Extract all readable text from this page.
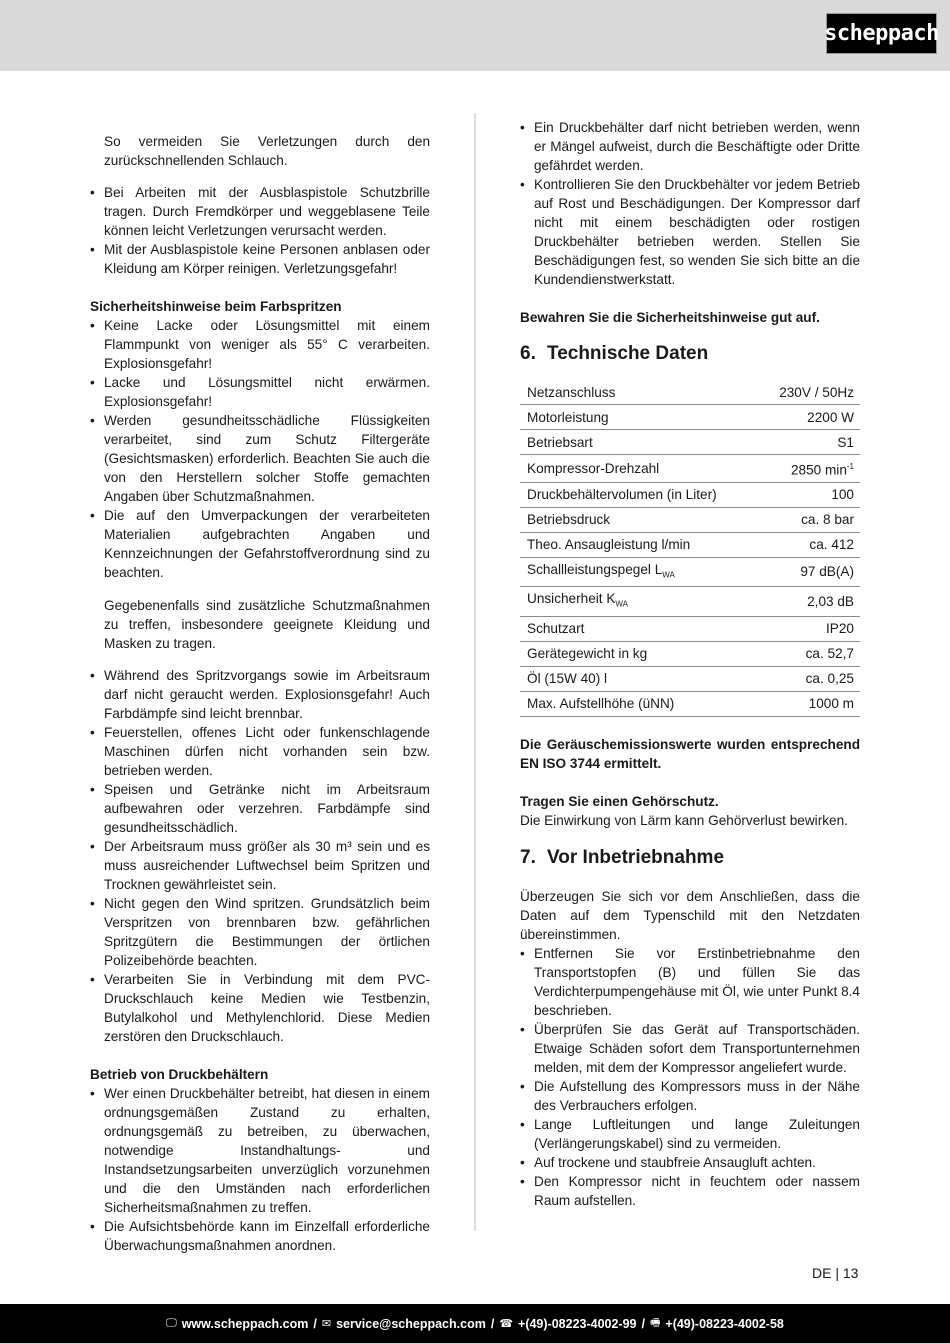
scheppach

So vermeiden Sie Verletzungen durch den zurückschnellenden Schlauch.

• Bei Arbeiten mit der Ausblaspistole Schutzbrille tragen. Durch Fremdkörper und weggeblasene Teile können leicht Verletzungen verursacht werden.
• Mit der Ausblaspistole keine Personen anblasen oder Kleidung am Körper reinigen. Verletzungsgefahr!

Sicherheitshinweise beim Farbspritzen

• Keine Lacke oder Lösungsmittel mit einem Flammpunkt von weniger als 55° C verarbeiten. Explosionsgefahr!
• Lacke und Lösungsmittel nicht erwärmen. Explosionsgefahr!
• Werden gesundheitsschädliche Flüssigkeiten verarbeitet, sind zum Schutz Filtergeräte (Gesichtsmasken) erforderlich. Beachten Sie auch die von den Herstellern solcher Stoffe gemachten Angaben über Schutzmaßnahmen.
• Die auf den Umverpackungen der verarbeiteten Materialien aufgebrachten Angaben und Kennzeichnungen der Gefahrstoffverordnung sind zu beachten.

Gegebenenfalls sind zusätzliche Schutzmaßnahmen zu treffen, insbesondere geeignete Kleidung und Masken zu tragen.

• Während des Spritzvorgangs sowie im Arbeitsraum darf nicht geraucht werden. Explosionsgefahr! Auch Farbdämpfe sind leicht brennbar.
• Feuerstellen, offenes Licht oder funkenschlagende Maschinen dürfen nicht vorhanden sein bzw. betrieben werden.
• Speisen und Getränke nicht im Arbeitsraum aufbewahren oder verzehren. Farbdämpfe sind gesundheitsschädlich.
• Der Arbeitsraum muss größer als 30 m³ sein und es muss ausreichender Luftwechsel beim Spritzen und Trocknen gewährleistet sein.
• Nicht gegen den Wind spritzen. Grundsätzlich beim Verspritzen von brennbaren bzw. gefährlichen Spritzgütern die Bestimmungen der örtlichen Polizeibehörde beachten.
• Verarbeiten Sie in Verbindung mit dem PVC-Druckschlauch keine Medien wie Testbenzin, Butylalkohol und Methylenchlorid. Diese Medien zerstören den Druckschlauch.

Betrieb von Druckbehältern

• Wer einen Druckbehälter betreibt, hat diesen in einem ordnungsgemäßen Zustand zu erhalten, ordnungsgemäß zu betreiben, zu überwachen, notwendige Instandhaltungs- und Instandsetzungsarbeiten unverzüglich vorzunehmen und die den Umständen nach erforderlichen Sicherheitsmaßnahmen zu treffen.
• Die Aufsichtsbehörde kann im Einzelfall erforderliche Überwachungsmaßnahmen anordnen.
• Ein Druckbehälter darf nicht betrieben werden, wenn er Mängel aufweist, durch die Beschäftigte oder Dritte gefährdet werden.
• Kontrollieren Sie den Druckbehälter vor jedem Betrieb auf Rost und Beschädigungen. Der Kompressor darf nicht mit einem beschädigten oder rostigen Druckbehälter betrieben werden. Stellen Sie Beschädigungen fest, so wenden Sie sich bitte an die Kundendienstwerkstatt.

Bewahren Sie die Sicherheitshinweise gut auf.

6. Technische Daten
Netzanschluss	230V / 50Hz
Motorleistung	2200 W
Betriebsart	S1
Kompressor-Drehzahl	2850 $\min^{-1}$
Druckbehältervolumen (in Liter)	100
Betriebsdruck	ca. 8 bar
Theo. Ansaugleistung l/min	ca. 412
Schallleistungspegel $L_{WA}$	97 dB(A)
Unsicherheit $K_{WA}$	2,03 dB
Schutzart	IP20
Gerätegewicht in kg	ca. 52,7
Öl (15W 40) l	ca. 0,25
Max. Aufstellhöhe (üNN)	1000 m

Die Geräuschemissionswerte wurden entsprechend EN ISO 3744 ermittelt.

Tragen Sie einen Gehörschutz.

Die Einwirkung von Lärm kann Gehörverlust bewirken.

7. Vor Inbetriebnahme

Überzeugen Sie sich vor dem Anschließen, dass die Daten auf dem Typenschild mit den Netzdaten übereinstimmen.

• Entfernen Sie vor Erstinbetriebnahme den Transportstopfen (B) und füllen Sie das Verdichterpumpengehäuse mit Öl, wie unter Punkt 8.4 beschrieben.
• Überprüfen Sie das Gerät auf Transportschäden. Etwaige Schäden sofort dem Transportunternehmen melden, mit dem der Kompressor angeliefert wurde.
• Die Aufstellung des Kompressors muss in der Nähe des Verbrauchers erfolgen.
• Lange Luftleitungen und lange Zuleitungen (Verlängerungskabel) sind zu vermeiden.
• Auf trockene und staubfreie Ansaugluft achten.
• Den Kompressor nicht in feuchtem oder nassem Raum aufstellen.
DE | 13
🖵 www.scheppach.com / ✉ service@scheppach.com / ☎ +(49)-08223-4002-99 / 🖷 +(49)-08223-4002-58
